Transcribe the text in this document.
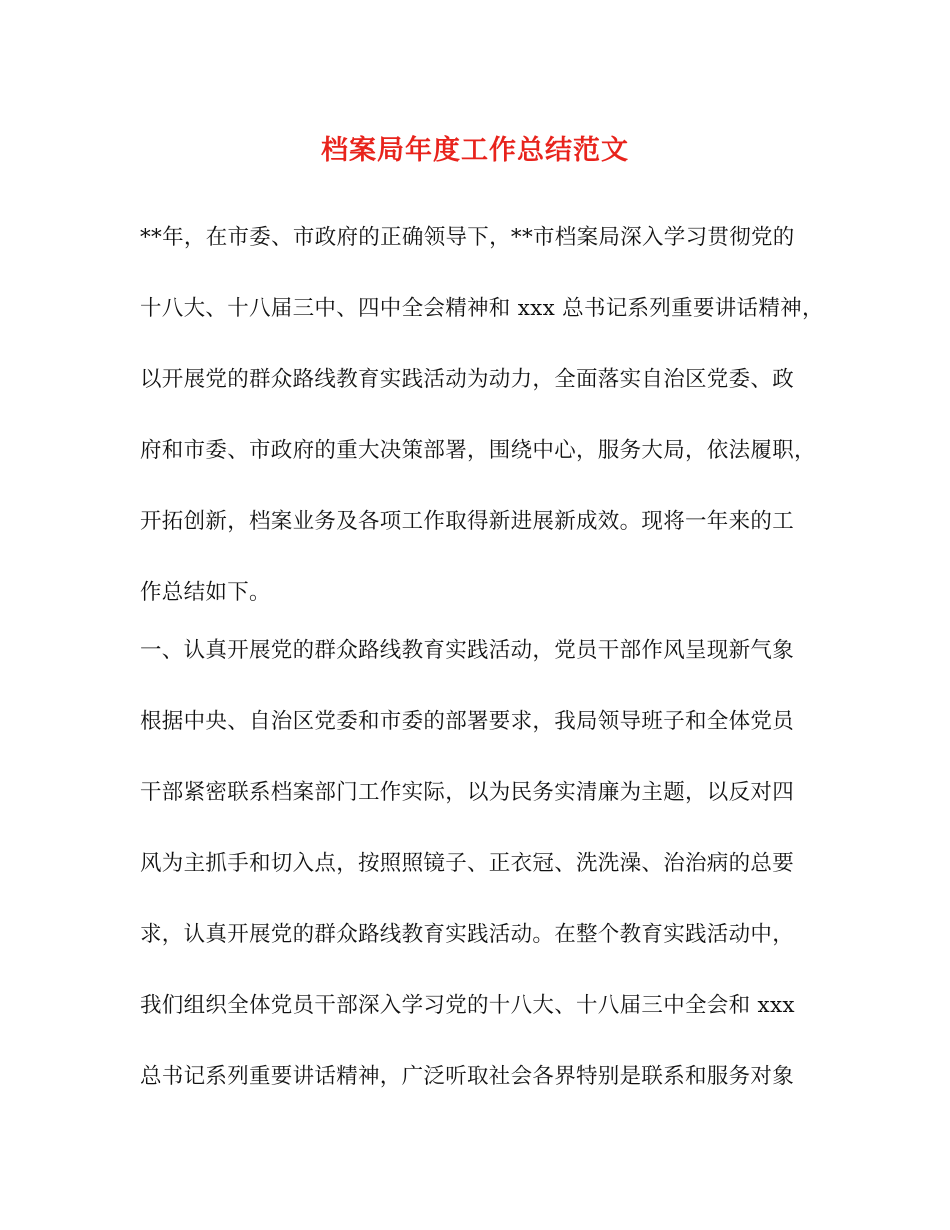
档案局年度工作总结范文
**年，在市委、市政府的正确领导下，**市档案局深入学习贯彻党的
十八大、十八届三中、四中全会精神和 xxx 总书记系列重要讲话精神，
以开展党的群众路线教育实践活动为动力，全面落实自治区党委、政
府和市委、市政府的重大决策部署，围绕中心，服务大局，依法履职，
开拓创新，档案业务及各项工作取得新进展新成效。现将一年来的工
作总结如下。
一、认真开展党的群众路线教育实践活动，党员干部作风呈现新气象
根据中央、自治区党委和市委的部署要求，我局领导班子和全体党员
干部紧密联系档案部门工作实际，以为民务实清廉为主题，以反对四
风为主抓手和切入点，按照照镜子、正衣冠、洗洗澡、治治病的总要
求，认真开展党的群众路线教育实践活动。在整个教育实践活动中，
我们组织全体党员干部深入学习党的十八大、十八届三中全会和 xxx
总书记系列重要讲话精神，广泛听取社会各界特别是联系和服务对象
